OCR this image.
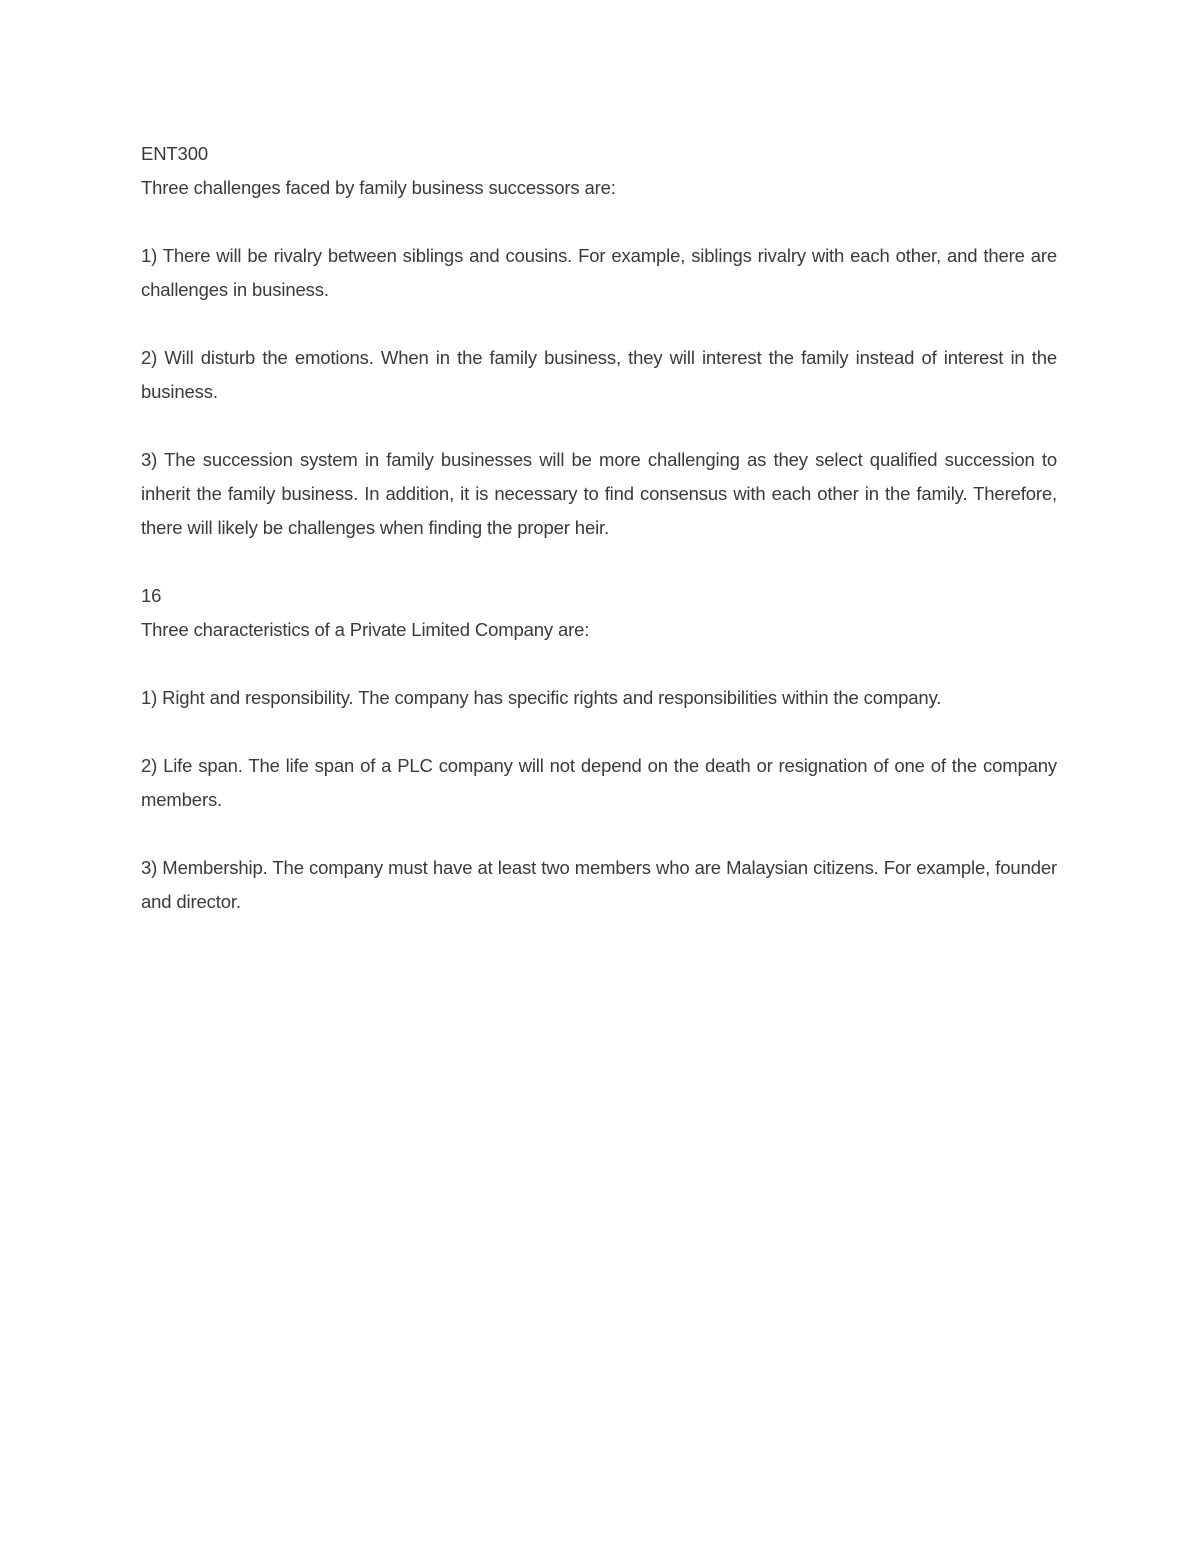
ENT300

Three challenges faced by family business successors are:

1) There will be rivalry between siblings and cousins. For example, siblings rivalry with each other, and there are challenges in business.

2) Will disturb the emotions. When in the family business, they will interest the family instead of interest in the business.

3) The succession system in family businesses will be more challenging as they select qualified succession to inherit the family business. In addition, it is necessary to find consensus with each other in the family. Therefore, there will likely be challenges when finding the proper heir.

16

Three characteristics of a Private Limited Company are:

1) Right and responsibility. The company has specific rights and responsibilities within the company.

2) Life span. The life span of a PLC company will not depend on the death or resignation of one of the company members.

3) Membership. The company must have at least two members who are Malaysian citizens. For example, founder and director.
